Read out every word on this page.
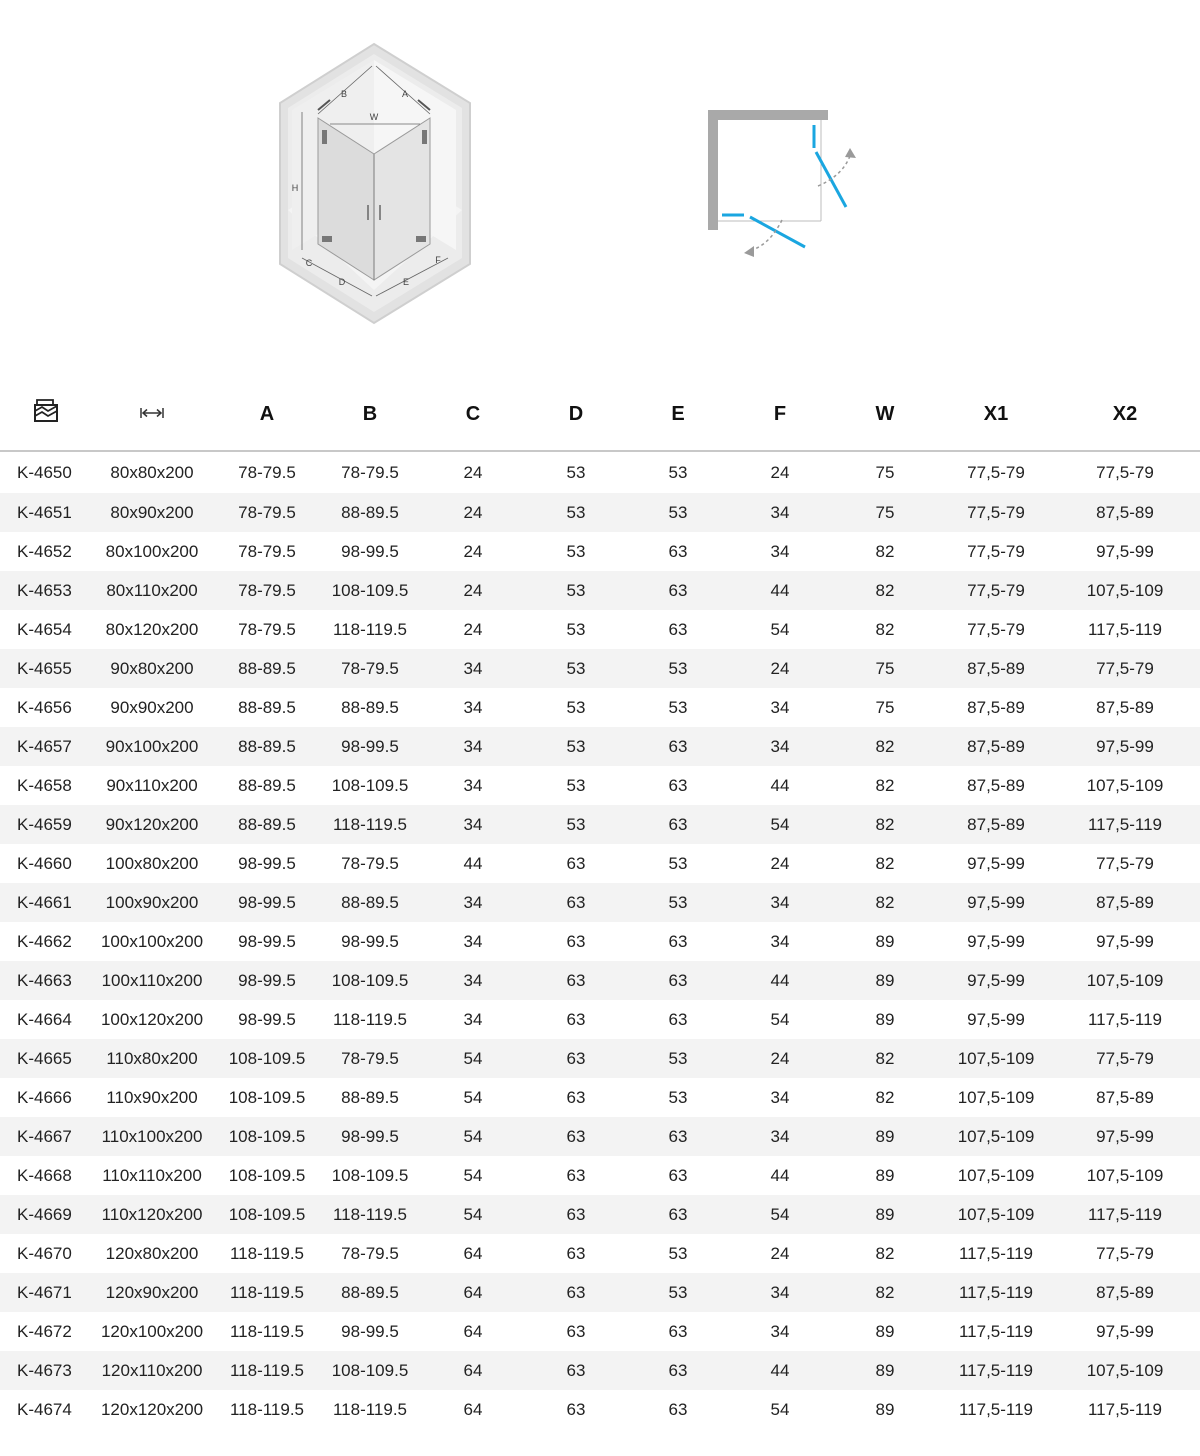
B	A
W
H
C
D	E
F
		A	B	C	D	E	F	W	X1	X2
K-4650	80x80x200	78-79.5	78-79.5	24	53	53	24	75	77,5-79	77,5-79
K-4651	80x90x200	78-79.5	88-89.5	24	53	53	34	75	77,5-79	87,5-89
K-4652	80x100x200	78-79.5	98-99.5	24	53	63	34	82	77,5-79	97,5-99
K-4653	80x110x200	78-79.5	108-109.5	24	53	63	44	82	77,5-79	107,5-109
K-4654	80x120x200	78-79.5	118-119.5	24	53	63	54	82	77,5-79	117,5-119
K-4655	90x80x200	88-89.5	78-79.5	34	53	53	24	75	87,5-89	77,5-79
K-4656	90x90x200	88-89.5	88-89.5	34	53	53	34	75	87,5-89	87,5-89
K-4657	90x100x200	88-89.5	98-99.5	34	53	63	34	82	87,5-89	97,5-99
K-4658	90x110x200	88-89.5	108-109.5	34	53	63	44	82	87,5-89	107,5-109
K-4659	90x120x200	88-89.5	118-119.5	34	53	63	54	82	87,5-89	117,5-119
K-4660	100x80x200	98-99.5	78-79.5	44	63	53	24	82	97,5-99	77,5-79
K-4661	100x90x200	98-99.5	88-89.5	34	63	53	34	82	97,5-99	87,5-89
K-4662	100x100x200	98-99.5	98-99.5	34	63	63	34	89	97,5-99	97,5-99
K-4663	100x110x200	98-99.5	108-109.5	34	63	63	44	89	97,5-99	107,5-109
K-4664	100x120x200	98-99.5	118-119.5	34	63	63	54	89	97,5-99	117,5-119
K-4665	110x80x200	108-109.5	78-79.5	54	63	53	24	82	107,5-109	77,5-79
K-4666	110x90x200	108-109.5	88-89.5	54	63	53	34	82	107,5-109	87,5-89
K-4667	110x100x200	108-109.5	98-99.5	54	63	63	34	89	107,5-109	97,5-99
K-4668	110x110x200	108-109.5	108-109.5	54	63	63	44	89	107,5-109	107,5-109
K-4669	110x120x200	108-109.5	118-119.5	54	63	63	54	89	107,5-109	117,5-119
K-4670	120x80x200	118-119.5	78-79.5	64	63	53	24	82	117,5-119	77,5-79
K-4671	120x90x200	118-119.5	88-89.5	64	63	53	34	82	117,5-119	87,5-89
K-4672	120x100x200	118-119.5	98-99.5	64	63	63	34	89	117,5-119	97,5-99
K-4673	120x110x200	118-119.5	108-109.5	64	63	63	44	89	117,5-119	107,5-109
K-4674	120x120x200	118-119.5	118-119.5	64	63	63	54	89	117,5-119	117,5-119
